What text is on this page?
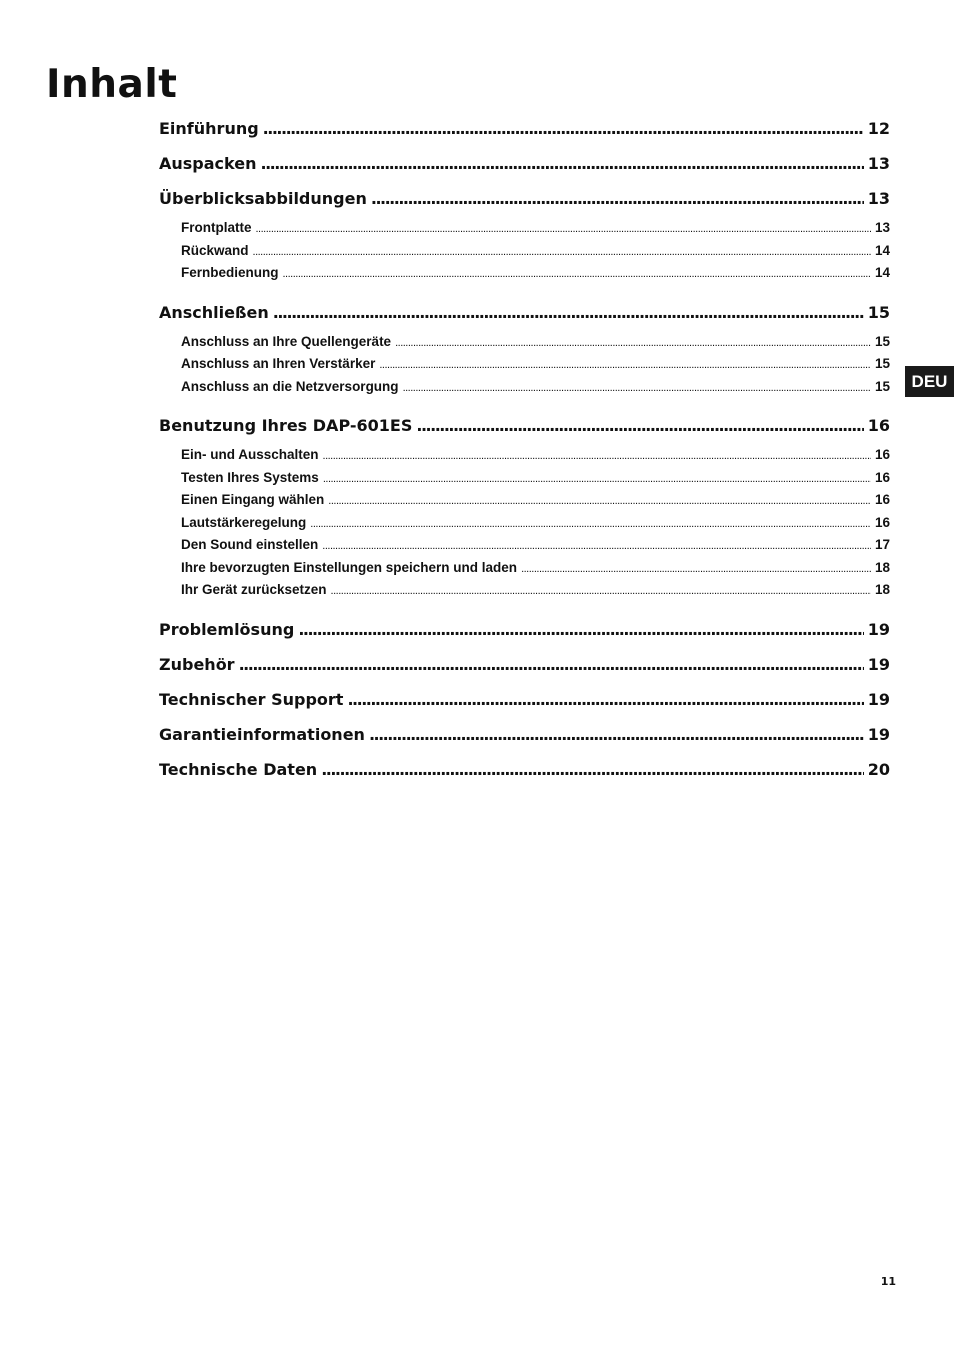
Inhalt
Einführung .....	12
Auspacken .....	13
Überblicksabbildungen .....	13
Frontplatte .....	13
Rückwand .....	14
Fernbedienung .....	14
Anschließen .....	15
Anschluss an Ihre Quellengeräte .....	15
Anschluss an Ihren Verstärker .....	15
Anschluss an die Netzversorgung .....	15
Benutzung Ihres DAP-601ES .....	16
Ein- und Ausschalten .....	16
Testen Ihres Systems .....	16
Einen Eingang wählen .....	16
Lautstärkeregelung .....	16
Den Sound einstellen .....	17
Ihre bevorzugten Einstellungen speichern und laden .....	18
Ihr Gerät zurücksetzen .....	18
Problemlösung .....	19
Zubehör .....	19
Technischer Support .....	19
Garantieinformationen .....	19
Technische Daten .....	20
DEU
11
